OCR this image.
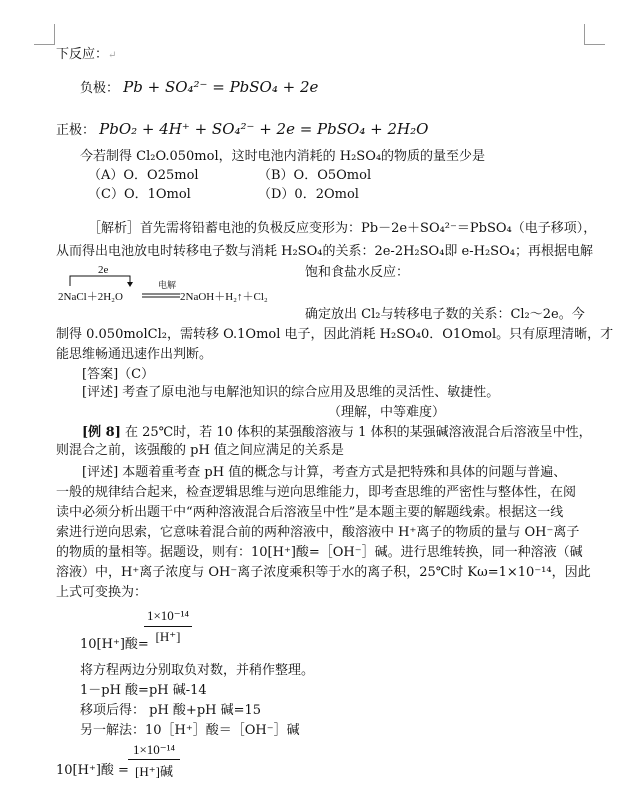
下反应：↵
负极： Pb + SO₄²⁻ = PbSO₄ + 2e
正极： PbO₂ + 4H⁺ + SO₄²⁻ + 2e = PbSO₄ + 2H₂O
今若制得 Cl₂O.050mol，这时电池内消耗的 H₂SO₄的物质的量至少是
（A）O．O25mol	（B）O．O5Omol
（C）O．1Omol	（D）0．2Omol
［解析］首先需将铅蓄电池的负极反应变形为：Pb－2e＋SO₄²⁻＝PbSO₄（电子移项），
从而得出电池放电时转移电子数与消耗 H₂SO₄的关系：2e-2H₂SO₄即 e-H₂SO₄；再根据电解
饱和食盐水反应：
2e
2NaCl＋2H₂O
电解
2NaOH＋H₂↑＋Cl₂
确定放出 Cl₂与转移电子数的关系：Cl₂～2e。今
制得 0.050molCl₂，需转移 O.1Omol 电子，因此消耗 H₂SO₄0．O1Omol。只有原理清晰，才
能思维畅通迅速作出判断。
[答案]（C）
[评述] 考查了原电池与电解池知识的综合应用及思维的灵活性、敏捷性。
（理解，中等难度）
[例 8] 在 25℃时，若 10 体积的某强酸溶液与 1 体积的某强碱溶液混合后溶液呈中性，
则混合之前，该强酸的 pH 值之间应满足的关系是
[评述] 本题着重考查 pH 值的概念与计算，考查方式是把特殊和具体的问题与普遍、
一般的规律结合起来，检查逻辑思维与逆向思维能力，即考查思维的严密性与整体性，在阅
读中必须分析出题干中“两种溶液混合后溶液呈中性”是本题主要的解题线索。根据这一线
索进行逆向思索，它意味着混合前的两种溶液中，酸溶液中 H⁺离子的物质的量与 OH⁻离子
的物质的量相等。据题设，则有：10[H⁺]酸=［OH⁻］碱。进行思维转换，同一种溶液（碱
溶液）中，H⁺离子浓度与 OH⁻离子浓度乘积等于水的离子积，25℃时 Kω=1×10⁻¹⁴，因此
上式可变换为：
10[H⁺]酸=
$\frac{\text{1×10⁻¹⁴}}{[H^+]}$
将方程两边分别取负对数，并稍作整理。
1－pH 酸=pH 碱-14
移项后得： pH 酸+pH 碱=15
另一解法：10［H⁺］酸＝［OH⁻］碱
10[H⁺]酸 =
1×10⁻¹⁴
[H⁺]碱
